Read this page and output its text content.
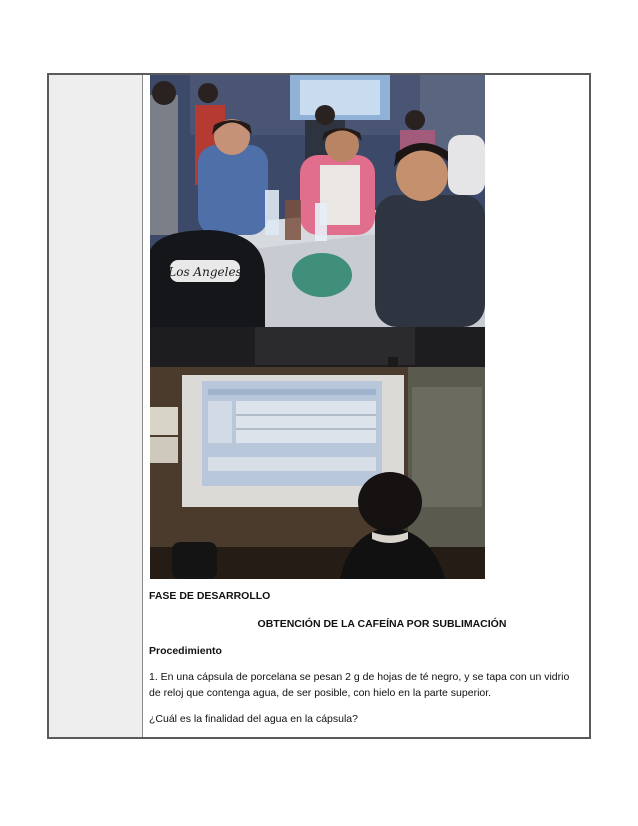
Los Angeles
FASE DE DESARROLLO
OBTENCIÓN DE LA CAFEÍNA POR SUBLIMACIÓN
Procedimiento
1. En una cápsula de porcelana se pesan 2 g de hojas de té negro, y se tapa con un vidrio de reloj que contenga agua, de ser posible, con hielo en la parte superior.
¿Cuál es la finalidad del agua en la cápsula?
